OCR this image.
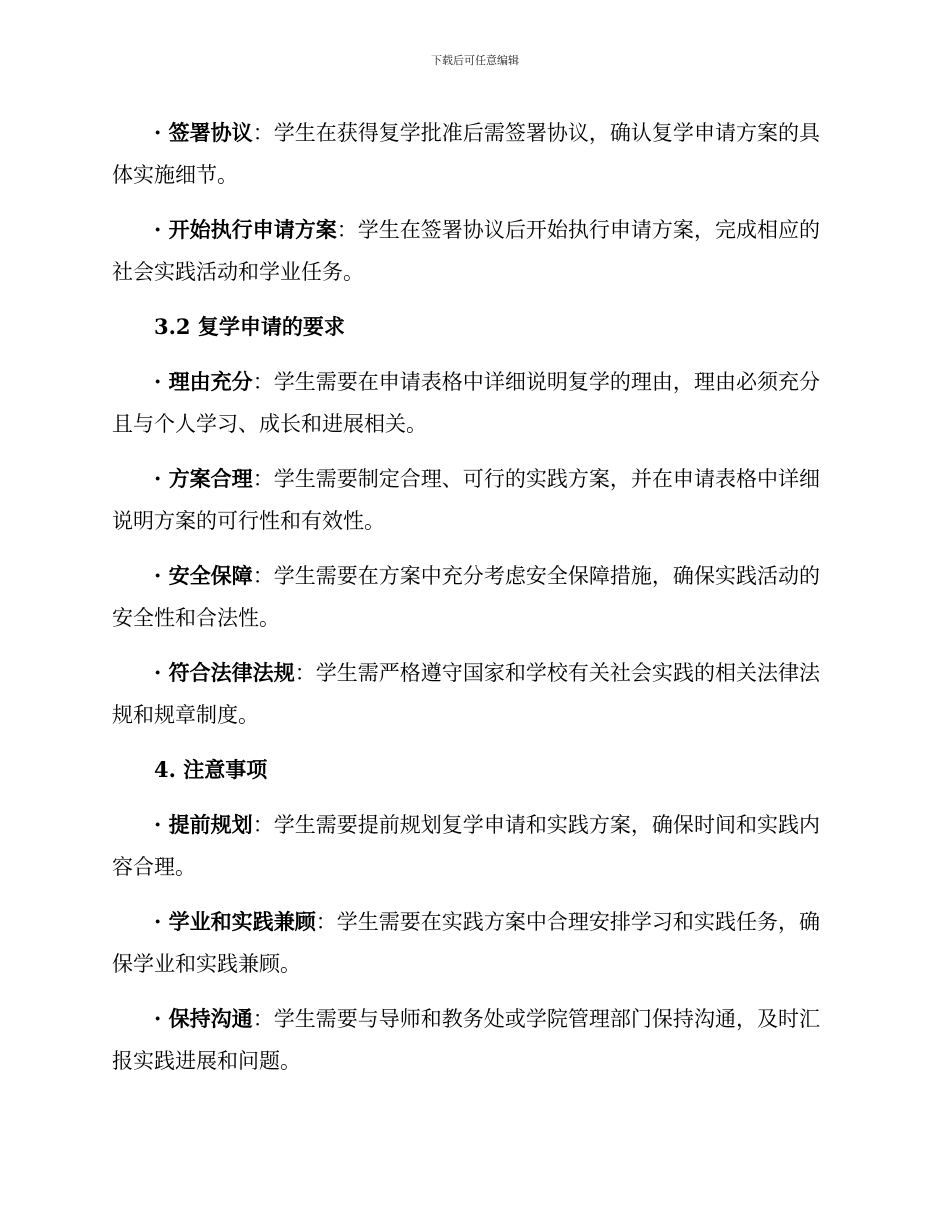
下载后可任意编辑

· 签署协议：学生在获得复学批准后需签署协议，确认复学申请方案的具体实施细节。

· 开始执行申请方案：学生在签署协议后开始执行申请方案，完成相应的社会实践活动和学业任务。

3.2 复学申请的要求

· 理由充分：学生需要在申请表格中详细说明复学的理由，理由必须充分且与个人学习、成长和进展相关。

· 方案合理：学生需要制定合理、可行的实践方案，并在申请表格中详细说明方案的可行性和有效性。

· 安全保障：学生需要在方案中充分考虑安全保障措施，确保实践活动的安全性和合法性。

· 符合法律法规：学生需严格遵守国家和学校有关社会实践的相关法律法规和规章制度。

4. 注意事项

· 提前规划：学生需要提前规划复学申请和实践方案，确保时间和实践内容合理。

· 学业和实践兼顾：学生需要在实践方案中合理安排学习和实践任务，确保学业和实践兼顾。

· 保持沟通：学生需要与导师和教务处或学院管理部门保持沟通，及时汇报实践进展和问题。
